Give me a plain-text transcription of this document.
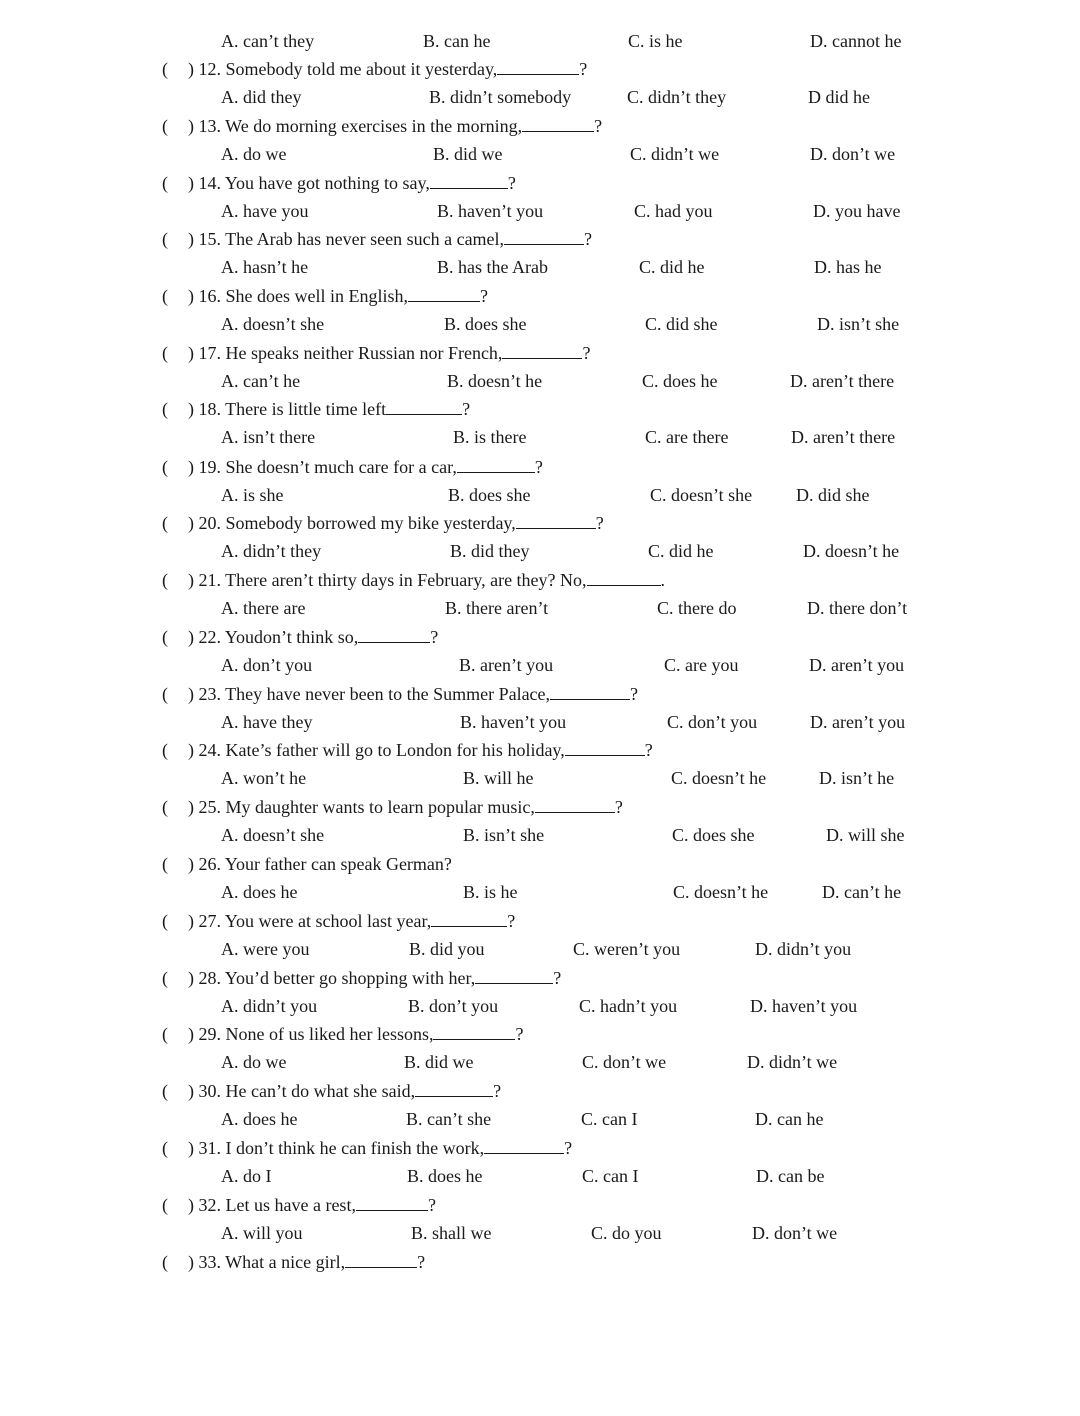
A. can’t they	B. can he	C. is he	D. cannot he
( ) 12. Somebody told me about it yesterday,	?
A. did they	B. didn’t somebody	C. didn’t they	D did he
( ) 13. We do morning exercises in the morning,	?
A. do we	B. did we	C. didn’t we	D. don’t we
( ) 14. You have got nothing to say,	?
A. have you	B. haven’t you	C. had you	D. you have
( ) 15. The Arab has never seen such a camel,	?
A. hasn’t he	B. has the Arab	C. did he	D. has he
( ) 16. She does well in English,	?
A. doesn’t she	B. does she	C. did she	D. isn’t she
( ) 17. He speaks neither Russian nor French,	?
A. can’t he	B. doesn’t he	C. does he	D. aren’t there
( ) 18. There is little time left	?
A. isn’t there	B. is there	C. are there	D. aren’t there
( ) 19. She doesn’t much care for a car,	?
A. is she	B. does she	C. doesn’t she D. did she
( ) 20. Somebody borrowed my bike yesterday,	?
A. didn’t they	B. did they	C. did he	D. doesn’t he
( ) 21. There aren’t thirty days in February, are they? No,	.
A. there are	B. there aren’t	C. there do	D. there don’t
( ) 22. Youdon’t think so,	?
A. don’t you	B. aren’t you	C. are you	D. aren’t you
( ) 23. They have never been to the Summer Palace,	?
A. have they	B. haven’t you	C. don’t you	D. aren’t you
( ) 24. Kate’s father will go to London for his holiday,	?
A. won’t he	B. will he	C. doesn’t he	D. isn’t he
( ) 25. My daughter wants to learn popular music,	?
A. doesn’t she	B. isn’t she	C. does she	D. will she
( ) 26. Your father can speak German?
A. does he	B. is he	C. doesn’t he	D. can’t he
( ) 27. You were at school last year,	?
A. were you	B. did you	C. weren’t you	D. didn’t you
( ) 28. You’d better go shopping with her,	?
A. didn’t you	B. don’t you	C. hadn’t you	D. haven’t you
( ) 29. None of us liked her lessons,	?
A. do we	B. did we	C. don’t we	D. didn’t we
( ) 30. He can’t do what she said,	?
A. does he	B. can’t she	C. can I	D. can he
( ) 31. I don’t think he can finish the work,	?
A. do I	B. does he	C. can I	D. can be
( ) 32. Let us have a rest,	?
A. will you	B. shall we	C. do you	D. don’t we
( ) 33. What a nice girl,	?
